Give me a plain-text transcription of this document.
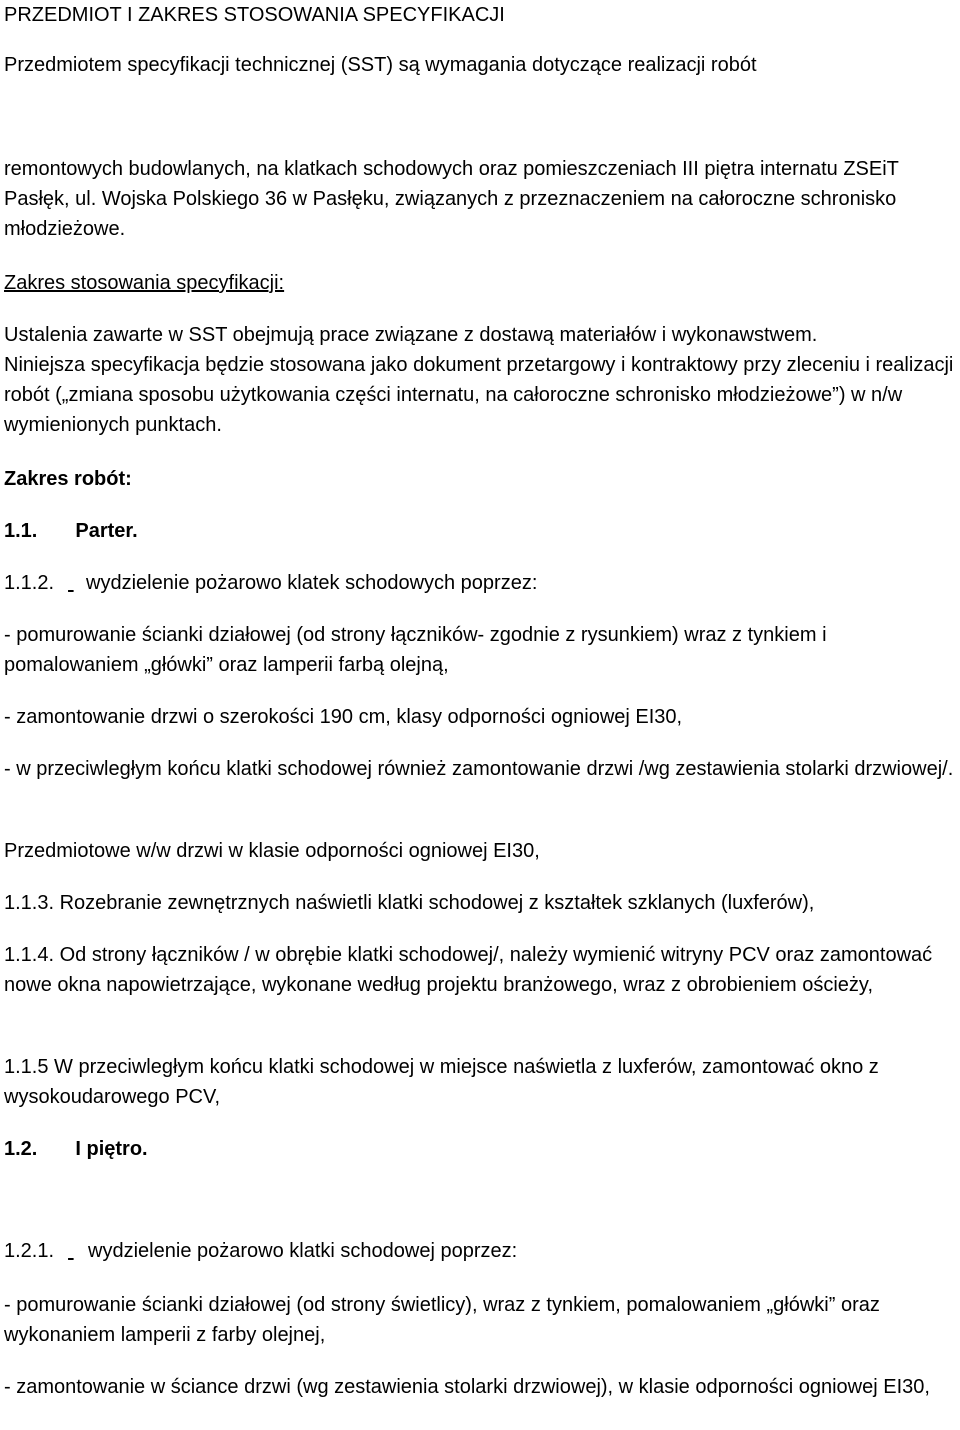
PRZEDMIOT I ZAKRES STOSOWANIA SPECYFIKACJI

Przedmiotem specyfikacji technicznej (SST) są wymagania dotyczące realizacji robót

remontowych budowlanych, na klatkach schodowych oraz pomieszczeniach III piętra internatu ZSEiT Pasłęk, ul. Wojska Polskiego 36 w Pasłęku, związanych z przeznaczeniem na całoroczne schronisko młodzieżowe.

Zakres stosowania specyfikacji:

Ustalenia zawarte w SST obejmują prace związane z dostawą materiałów i wykonawstwem.

Niniejsza specyfikacja będzie stosowana jako dokument przetargowy i kontraktowy przy zleceniu i realizacji robót („zmiana sposobu użytkowania części internatu, na całoroczne schronisko młodzieżowe”) w n/w wymienionych punktach.

Zakres robót:

1.1. Parter.

1.1.2. wydzielenie pożarowo klatek schodowych poprzez:

- pomurowanie ścianki działowej (od strony łączników- zgodnie z rysunkiem) wraz z tynkiem i pomalowaniem „główki” oraz lamperii farbą olejną,

- zamontowanie drzwi o szerokości 190 cm, klasy odporności ogniowej EI30,

- w przeciwległym końcu klatki schodowej również zamontowanie drzwi /wg zestawienia stolarki drzwiowej/.

Przedmiotowe w/w drzwi w klasie odporności ogniowej EI30,

1.1.3. Rozebranie zewnętrznych naświetli klatki schodowej z kształtek szklanych (luxferów),

1.1.4. Od strony łączników / w obrębie klatki schodowej/, należy wymienić witryny PCV oraz zamontować nowe okna napowietrzające, wykonane według projektu branżowego, wraz z obrobieniem ościeży,

1.1.5 W przeciwległym końcu klatki schodowej w miejsce naświetla z luxferów, zamontować okno z wysokoudarowego PCV,

1.2. I piętro.

1.2.1. wydzielenie pożarowo klatki schodowej poprzez:

- pomurowanie ścianki działowej (od strony świetlicy), wraz z tynkiem, pomalowaniem „główki” oraz wykonaniem lamperii z farby olejnej,

- zamontowanie w ściance drzwi (wg zestawienia stolarki drzwiowej), w klasie odporności ogniowej EI30,
